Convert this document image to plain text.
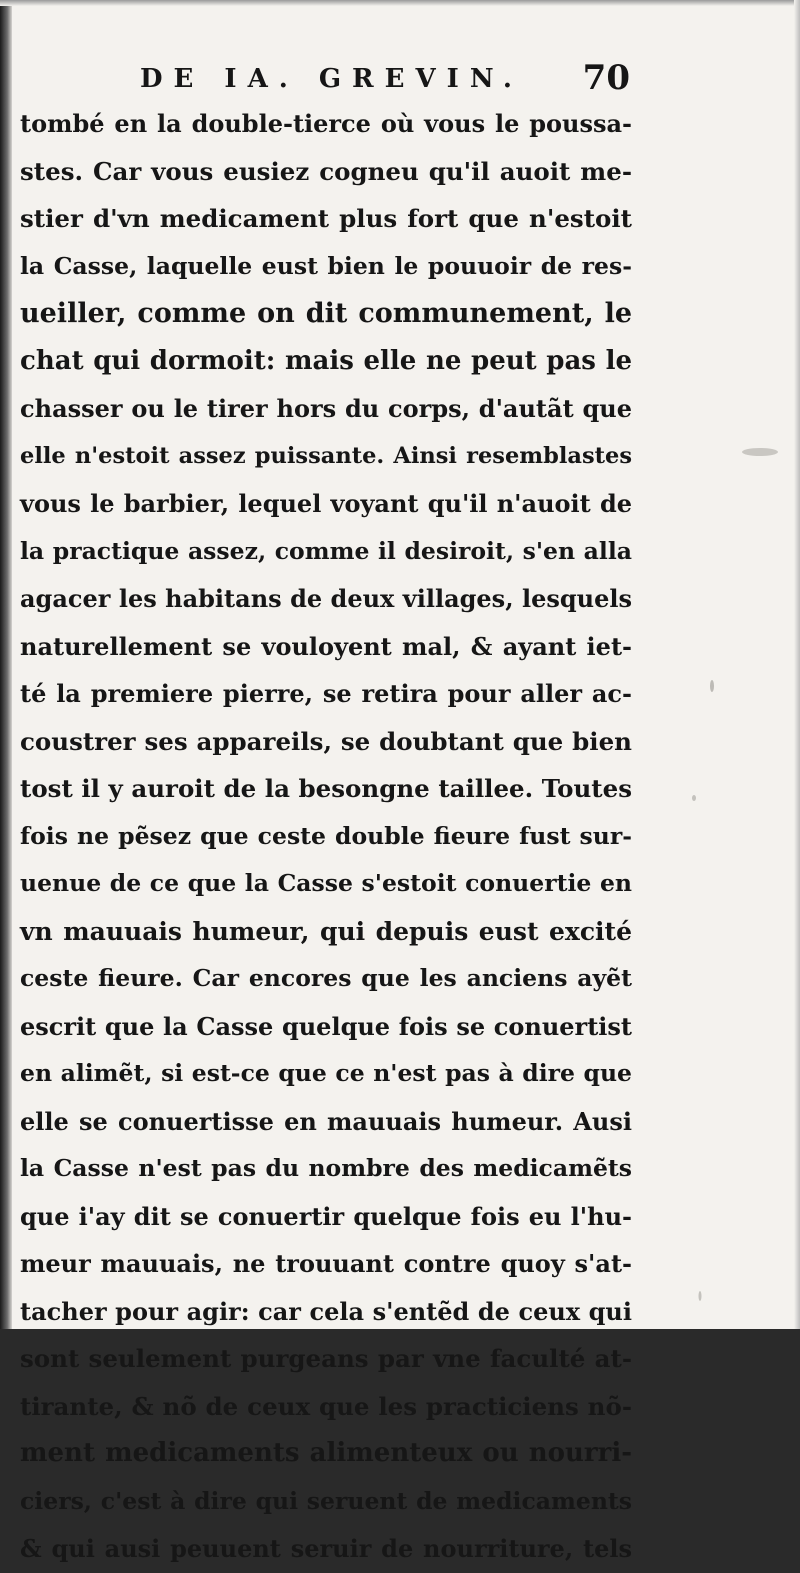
DE IA. GREVIN. 70
tombé en la double-tierce où vous le poussa-
stes. Car vous eusiez cogneu qu'il auoit me-
stier d'vn medicament plus fort que n'estoit
la Casse, laquelle eust bien le pouuoir de res-
ueiller, comme on dit communement, le
chat qui dormoit: mais elle ne peut pas le
chasser ou le tirer hors du corps, d'autãt que
elle n'estoit assez puissante. Ainsi resemblastes
vous le barbier, lequel voyant qu'il n'auoit de
la practique assez, comme il desiroit, s'en alla
agacer les habitans de deux villages, lesquels
naturellement se vouloyent mal, & ayant iet-
té la premiere pierre, se retira pour aller ac-
coustrer ses appareils, se doubtant que bien
tost il y auroit de la besongne taillee. Toutes
fois ne pẽsez que ceste double fieure fust sur-
uenue de ce que la Casse s'estoit conuertie en
vn mauuais humeur, qui depuis eust excité
ceste fieure. Car encores que les anciens ayẽt
escrit que la Casse quelque fois se conuertist
en alimẽt, si est-ce que ce n'est pas à dire que
elle se conuertisse en mauuais humeur. Ausi
la Casse n'est pas du nombre des medicamẽts
que i'ay dit se conuertir quelque fois eu l'hu-
meur mauuais, ne trouuant contre quoy s'at-
tacher pour agir: car cela s'entẽd de ceux qui
sont seulement purgeans par vne faculté at-
tirante, & nõ de ceux que les practiciens nõ-
ment medicaments alimenteux ou nourri-
ciers, c'est à dire qui seruent de medicaments
& qui ausi peuuent seruir de nourriture, tels
